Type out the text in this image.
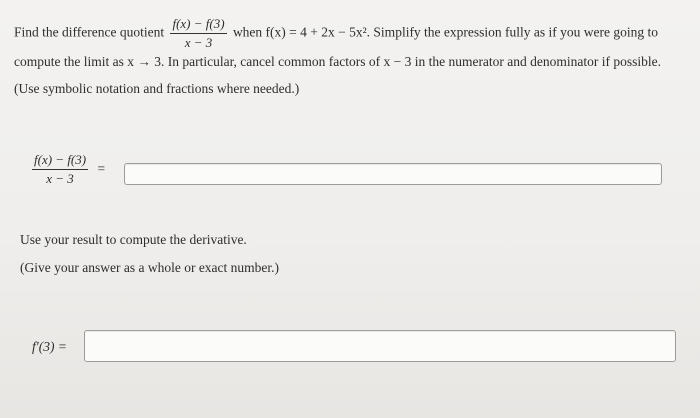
Find the difference quotient $\frac{f(x) - f(3)}{x - 3}$ when f(x) = 4 + 2x − 5x². Simplify the expression fully as if you were going to
compute the limit as x → 3. In particular, cancel common factors of x − 3 in the numerator and denominator if possible.
(Use symbolic notation and fractions where needed.)
$\frac{f(x) - f(3)}{x - 3}$ =
Use your result to compute the derivative.
(Give your answer as a whole or exact number.)
f′(3) =
